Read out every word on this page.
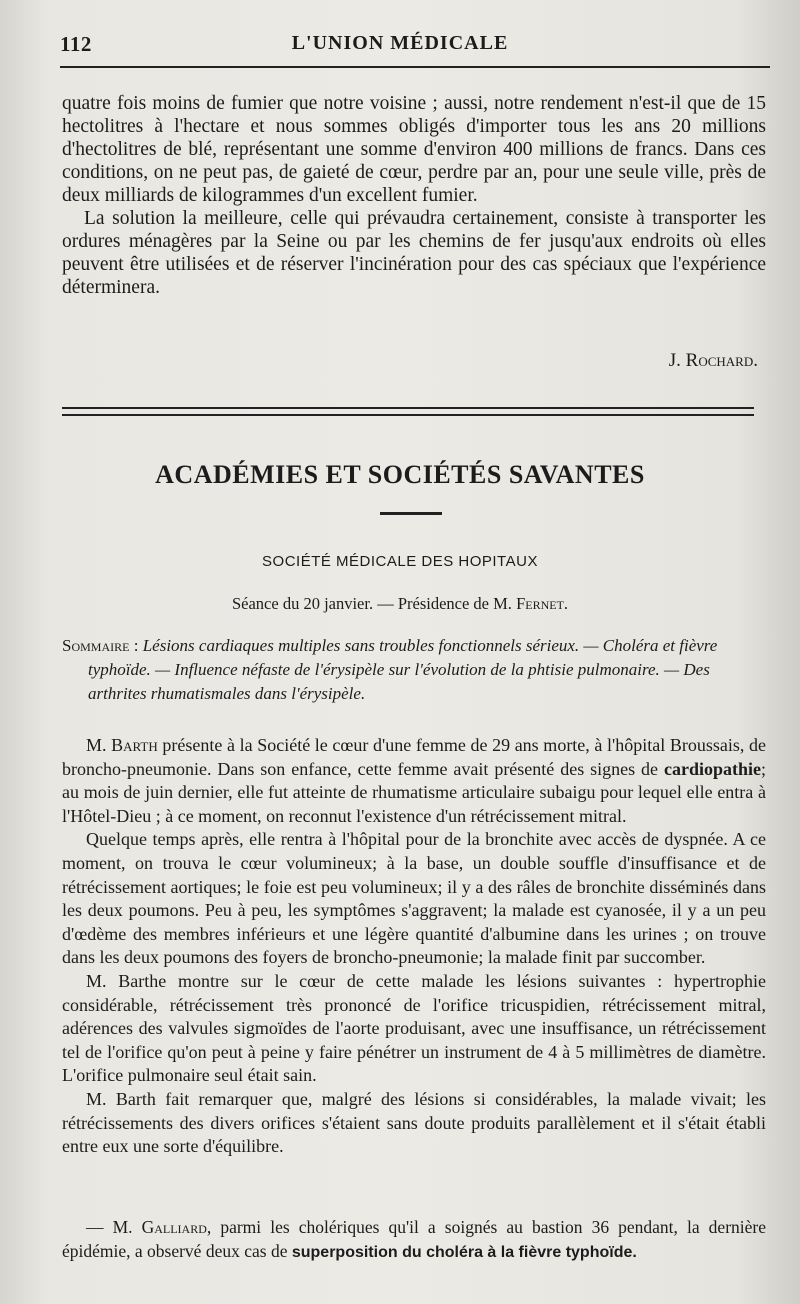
112	L'UNION MÉDICALE

quatre fois moins de fumier que notre voisine ; aussi, notre rendement n'est-il que de 15 hectolitres à l'hectare et nous sommes obligés d'importer tous les ans 20 millions d'hectolitres de blé, représentant une somme d'environ 400 millions de francs. Dans ces conditions, on ne peut pas, de gaieté de cœur, perdre par an, pour une seule ville, près de deux milliards de kilogrammes d'un excellent fumier.

La solution la meilleure, celle qui prévaudra certainement, consiste à transporter les ordures ménagères par la Seine ou par les chemins de fer jusqu'aux endroits où elles peuvent être utilisées et de réserver l'incinération pour des cas spéciaux que l'expérience déterminera.

J. Rochard.
ACADÉMIES ET SOCIÉTÉS SAVANTES
SOCIÉTÉ MÉDICALE DES HOPITAUX
Séance du 20 janvier. — Présidence de M. Fernet.
Sommaire : Lésions cardiaques multiples sans troubles fonctionnels sérieux. — Choléra et fièvre typhoïde. — Influence néfaste de l'érysipèle sur l'évolution de la phtisie pulmonaire. — Des arthrites rhumatismales dans l'érysipèle.

M. Barth présente à la Société le cœur d'une femme de 29 ans morte, à l'hôpital Broussais, de broncho-pneumonie. Dans son enfance, cette femme avait présenté des signes de cardiopathie; au mois de juin dernier, elle fut atteinte de rhumatisme articulaire subaigu pour lequel elle entra à l'Hôtel-Dieu ; à ce moment, on reconnut l'existence d'un rétrécissement mitral.

Quelque temps après, elle rentra à l'hôpital pour de la bronchite avec accès de dyspnée. A ce moment, on trouva le cœur volumineux; à la base, un double souffle d'insuffisance et de rétrécissement aortiques; le foie est peu volumineux; il y a des râles de bronchite disséminés dans les deux poumons. Peu à peu, les symptômes s'aggravent; la malade est cyanosée, il y a un peu d'œdème des membres inférieurs et une légère quantité d'albumine dans les urines ; on trouve dans les deux poumons des foyers de broncho-pneumonie; la malade finit par succomber.

M. Barthe montre sur le cœur de cette malade les lésions suivantes : hypertrophie considérable, rétrécissement très prononcé de l'orifice tricuspidien, rétrécissement mitral, adérences des valvules sigmoïdes de l'aorte produisant, avec une insuffisance, un rétrécissement tel de l'orifice qu'on peut à peine y faire pénétrer un instrument de 4 à 5 millimètres de diamètre. L'orifice pulmonaire seul était sain.

M. Barth fait remarquer que, malgré des lésions si considérables, la malade vivait; les rétrécissements des divers orifices s'étaient sans doute produits parallèlement et il s'était établi entre eux une sorte d'équilibre.

— M. Galliard, parmi les cholériques qu'il a soignés au bastion 36 pendant, la dernière épidémie, a observé deux cas de superposition du choléra à la fièvre typhoïde.
